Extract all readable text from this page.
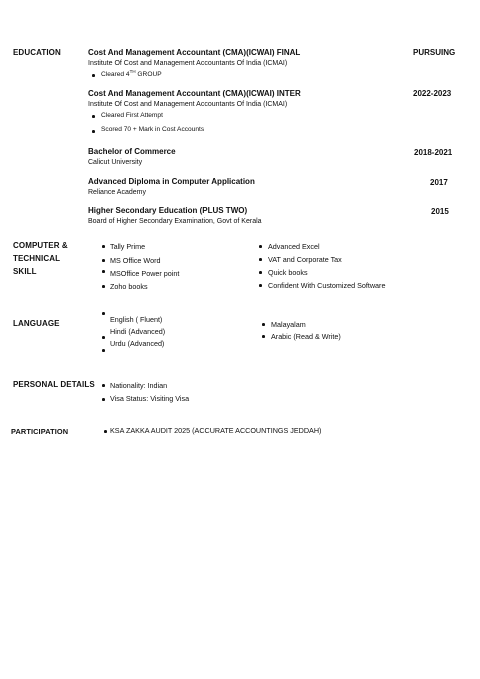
EDUCATION	Cost And Management Accountant (CMA)(ICWAI) FINAL	PURSUING
Institute Of Cost and Management Accountants Of India (ICMAI)
Cleared 4TH GROUP
Cost And Management Accountant (CMA)(ICWAI) INTER	2022-2023
Institute Of Cost and Management Accountants Of India (ICMAI)
Cleared First Attempt
Scored 70 + Mark in Cost Accounts
Bachelor of Commerce	2018-2021
Calicut University
Advanced Diploma in Computer Application	2017
Reliance Academy
Higher Secondary Education (PLUS TWO)	2015
Board of Higher Secondary Examination, Govt of Kerala
COMPUTER &
TECHNICAL
SKILL
Tally Prime
MS Office Word
MSOffice Power point
Zoho books
Advanced Excel
VAT and Corporate Tax
Quick books
Confident With Customized Software
LANGUAGE	English ( Fluent)
Hindi (Advanced)
Urdu (Advanced)
Malayalam
Arabic (Read & Write)
PERSONAL DETAILS Nationality: Indian
Visa Status: Visiting Visa
PARTICIPATION	KSA ZAKKA AUDIT 2025 (ACCURATE ACCOUNTINGS JEDDAH)
